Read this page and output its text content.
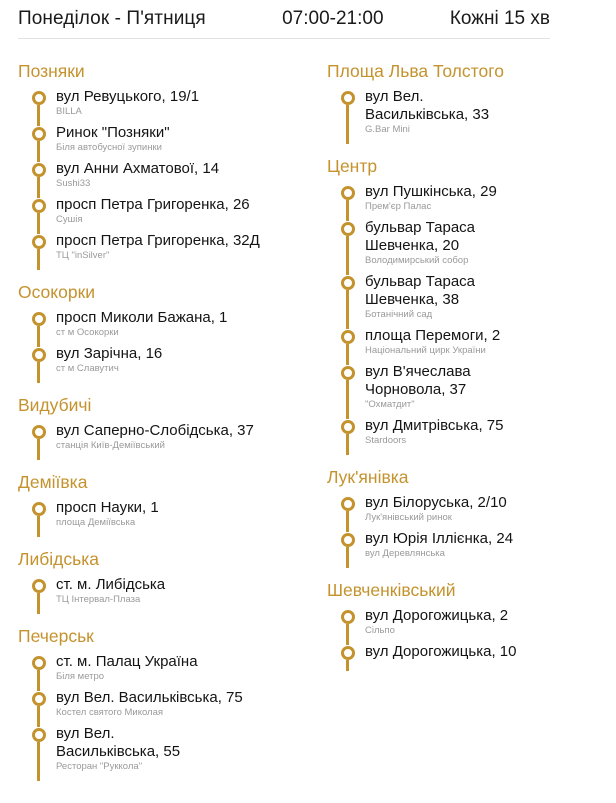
Понеділок - П'ятниця	07:00-21:00	Кожні 15 хв
Позняки
вул Ревуцького, 19/1
BILLA
Ринок "Позняки"
Біля автобусної зупинки
вул Анни Ахматової, 14
Sushi33
просп Петра Григоренка, 26
Сушія
просп Петра Григоренка, 32Д
ТЦ "inSilver"
Осокорки
просп Миколи Бажана, 1
ст м Осокорки
вул Зарічна, 16
ст м Славутич
Видубичі
вул Саперно-Слобідська, 37
станція Київ-Деміївський
Деміївка
просп Науки, 1
площа Деміївська
Либідська
ст. м. Либідська
ТЦ Інтервал-Плаза
Печерськ
ст. м. Палац Україна
Біля метро
вул Вел. Васильківська, 75
Костел святого Миколая
вул Вел.
Васильківська, 55
Ресторан "Руккола"
Площа Льва Толстого
вул Вел.
Васильківська, 33
G.Bar Mini
Центр
вул Пушкінська, 29
Прем'єр Палас
бульвар Тараса
Шевченка, 20
Володимирський собор
бульвар Тараса
Шевченка, 38
Ботанічний сад
площа Перемоги, 2
Національний цирк України
вул В'ячеслава
Чорновола, 37
"Охматдит"
вул Дмитрівська, 75
Stardoors
Лук'янівка
вул Білоруська, 2/10
Лук'янівський ринок
вул Юрія Іллієнка, 24
вул Деревлянська
Шевченківський
вул Дорогожицька, 2
Сільпо
вул Дорогожицька, 10
